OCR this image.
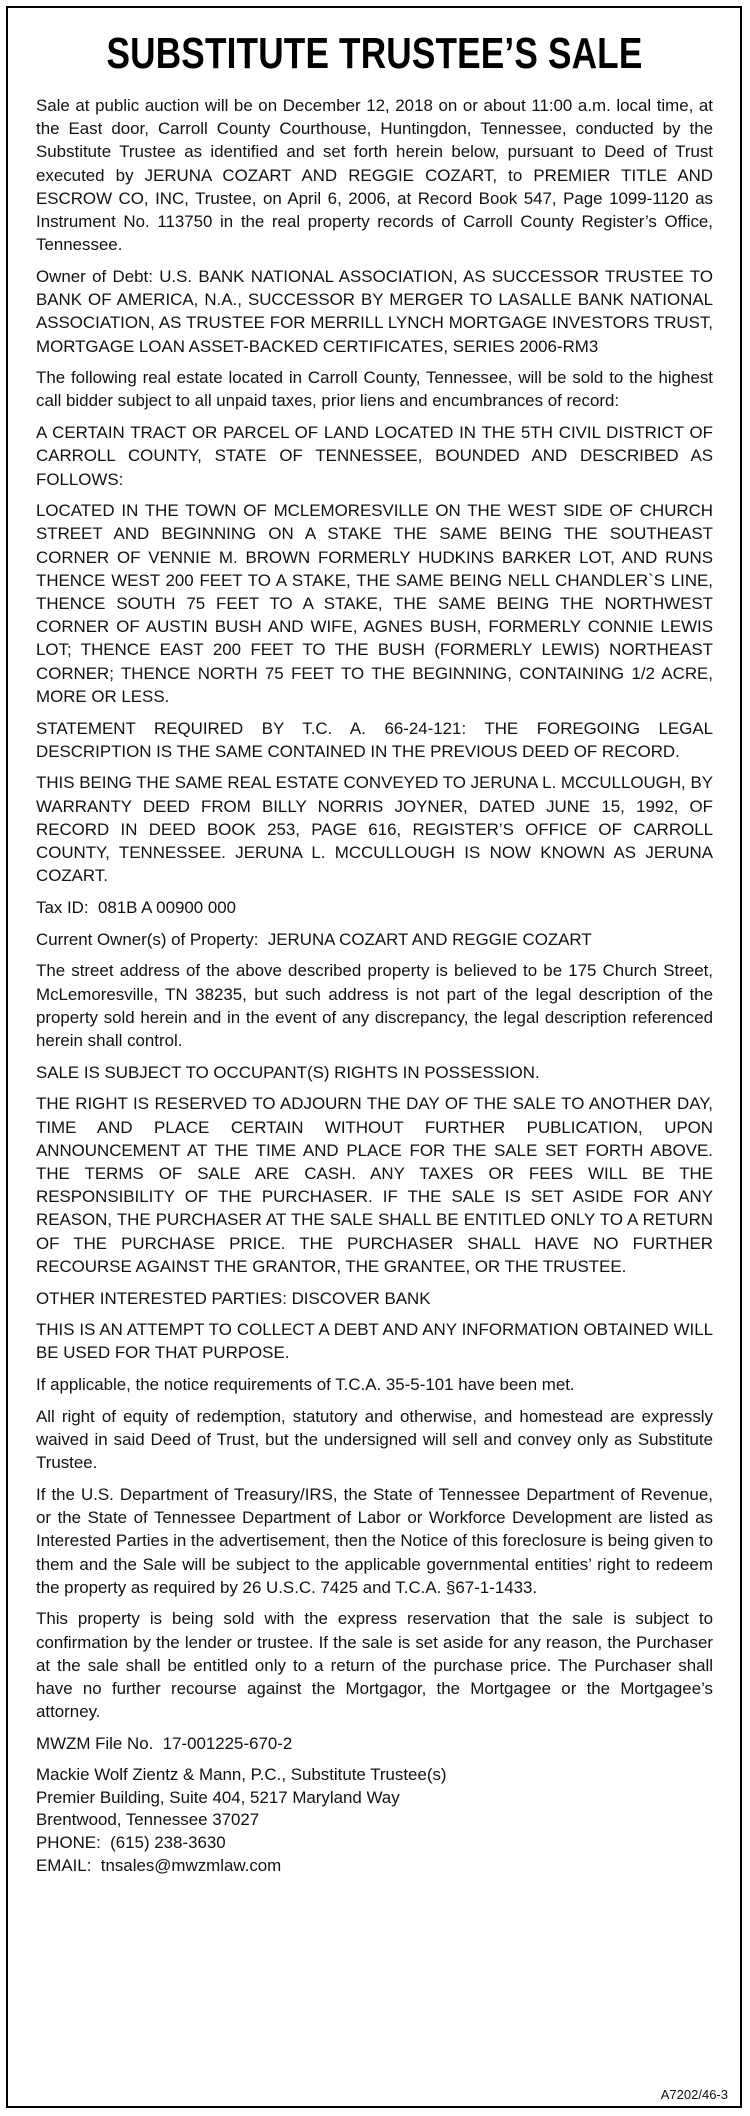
SUBSTITUTE TRUSTEE’S SALE

Sale at public auction will be on December 12, 2018 on or about 11:00 a.m. local time, at the East door, Carroll County Courthouse, Huntingdon, Tennessee, conducted by the Substitute Trustee as identified and set forth herein below, pursuant to Deed of Trust executed by JERUNA COZART AND REGGIE COZART, to PREMIER TITLE AND ESCROW CO, INC, Trustee, on April 6, 2006, at Record Book 547, Page 1099-1120 as Instrument No. 113750 in the real property records of Carroll County Register’s Office, Tennessee.

Owner of Debt: U.S. BANK NATIONAL ASSOCIATION, AS SUCCESSOR TRUSTEE TO BANK OF AMERICA, N.A., SUCCESSOR BY MERGER TO LASALLE BANK NATIONAL ASSOCIATION, AS TRUSTEE FOR MERRILL LYNCH MORTGAGE INVESTORS TRUST, MORTGAGE LOAN ASSET-BACKED CERTIFICATES, SERIES 2006-RM3

The following real estate located in Carroll County, Tennessee, will be sold to the highest call bidder subject to all unpaid taxes, prior liens and encumbrances of record:

A CERTAIN TRACT OR PARCEL OF LAND LOCATED IN THE 5TH CIVIL DISTRICT OF CARROLL COUNTY, STATE OF TENNESSEE, BOUNDED AND DESCRIBED AS FOLLOWS:

LOCATED IN THE TOWN OF MCLEMORESVILLE ON THE WEST SIDE OF CHURCH STREET AND BEGINNING ON A STAKE THE SAME BEING THE SOUTHEAST CORNER OF VENNIE M. BROWN FORMERLY HUDKINS BARKER LOT, AND RUNS THENCE WEST 200 FEET TO A STAKE, THE SAME BEING NELL CHANDLER`S LINE, THENCE SOUTH 75 FEET TO A STAKE, THE SAME BEING THE NORTHWEST CORNER OF AUSTIN BUSH AND WIFE, AGNES BUSH, FORMERLY CONNIE LEWIS LOT; THENCE EAST 200 FEET TO THE BUSH (FORMERLY LEWIS) NORTHEAST CORNER; THENCE NORTH 75 FEET TO THE BEGINNING, CONTAINING 1/2 ACRE, MORE OR LESS.

STATEMENT REQUIRED BY T.C. A. 66-24-121: THE FOREGOING LEGAL DESCRIPTION IS THE SAME CONTAINED IN THE PREVIOUS DEED OF RECORD.

THIS BEING THE SAME REAL ESTATE CONVEYED TO JERUNA L. MCCULLOUGH, BY WARRANTY DEED FROM BILLY NORRIS JOYNER, DATED JUNE 15, 1992, OF RECORD IN DEED BOOK 253, PAGE 616, REGISTER’S OFFICE OF CARROLL COUNTY, TENNESSEE. JERUNA L. MCCULLOUGH IS NOW KNOWN AS JERUNA COZART.

Tax ID:  081B A 00900 000

Current Owner(s) of Property:  JERUNA COZART AND REGGIE COZART

The street address of the above described property is believed to be 175 Church Street, McLemoresville, TN 38235, but such address is not part of the legal description of the property sold herein and in the event of any discrepancy, the legal description referenced herein shall control.

SALE IS SUBJECT TO OCCUPANT(S) RIGHTS IN POSSESSION.

THE RIGHT IS RESERVED TO ADJOURN THE DAY OF THE SALE TO ANOTHER DAY, TIME AND PLACE CERTAIN WITHOUT FURTHER PUBLICATION, UPON ANNOUNCEMENT AT THE TIME AND PLACE FOR THE SALE SET FORTH ABOVE. THE TERMS OF SALE ARE CASH. ANY TAXES OR FEES WILL BE THE RESPONSIBILITY OF THE PURCHASER. IF THE SALE IS SET ASIDE FOR ANY REASON, THE PURCHASER AT THE SALE SHALL BE ENTITLED ONLY TO A RETURN OF THE PURCHASE PRICE. THE PURCHASER SHALL HAVE NO FURTHER RECOURSE AGAINST THE GRANTOR, THE GRANTEE, OR THE TRUSTEE.

OTHER INTERESTED PARTIES: DISCOVER BANK

THIS IS AN ATTEMPT TO COLLECT A DEBT AND ANY INFORMATION OBTAINED WILL BE USED FOR THAT PURPOSE.

If applicable, the notice requirements of T.C.A. 35-5-101 have been met.

All right of equity of redemption, statutory and otherwise, and homestead are expressly waived in said Deed of Trust, but the undersigned will sell and convey only as Substitute Trustee.

If the U.S. Department of Treasury/IRS, the State of Tennessee Department of Revenue, or the State of Tennessee Department of Labor or Workforce Development are listed as Interested Parties in the advertisement, then the Notice of this foreclosure is being given to them and the Sale will be subject to the applicable governmental entities’ right to redeem the property as required by 26 U.S.C. 7425 and T.C.A. §67-1-1433.

This property is being sold with the express reservation that the sale is subject to confirmation by the lender or trustee. If the sale is set aside for any reason, the Purchaser at the sale shall be entitled only to a return of the purchase price. The Purchaser shall have no further recourse against the Mortgagor, the Mortgagee or the Mortgagee’s attorney.

MWZM File No.  17-001225-670-2

Mackie Wolf Zientz & Mann, P.C., Substitute Trustee(s)
Premier Building, Suite 404, 5217 Maryland Way
Brentwood, Tennessee 37027
PHONE:  (615) 238-3630
EMAIL:  tnsales@mwzmlaw.com
A7202/46-3
